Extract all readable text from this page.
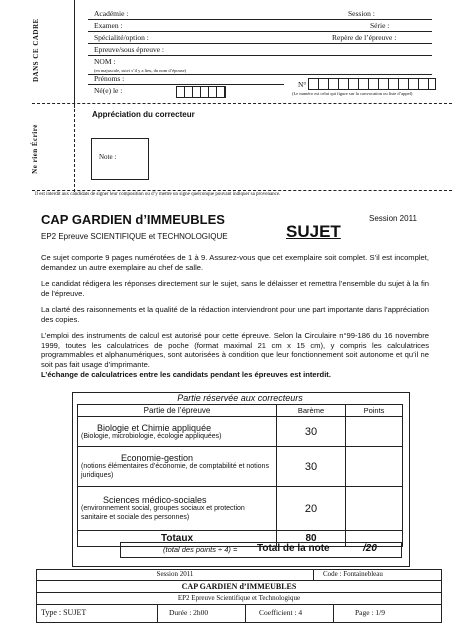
DANS CE CADRE
Académie :	Session :
Examen :	Série :
Spécialité/option :	Repère de l’épreuve :
Epreuve/sous épreuve :
NOM :
(en majuscule, suivi s’il y a lieu, du nom d’épouse)
Prénoms :
N°
Né(e) le :	(Le numéro est celui qui figure sur la convocation ou liste d’appel)
Ne rien Écrire
Appréciation du correcteur
Note :
Il est interdit aux candidats de signer leur composition ou d’y mettre un signe quelconque pouvant indiquer sa provenance.
CAP GARDIEN d’IMMEUBLES	Session 2011
EP2 Epreuve SCIENTIFIQUE et TECHNOLOGIQUE	SUJET
Ce sujet comporte 9 pages numérotées de 1 à 9. Assurez-vous que cet exemplaire soit complet. S’il est incomplet, demandez un autre exemplaire au chef de salle.
Le candidat rédigera les réponses directement sur le sujet, sans le délaisser et remettra l’ensemble du sujet à la fin de l’épreuve.
La clarté des raisonnements et la qualité de la rédaction interviendront pour une part importante dans l’appréciation des copies.
L’emploi des instruments de calcul est autorisé pour cette épreuve. Selon la Circulaire n°99-186 du 16 novembre 1999, toutes les calculatrices de poche (format maximal 21 cm x 15 cm), y compris les calculatrices programmables et alphanumériques, sont autorisées à condition que leur fonctionnement soit autonome et qu’il ne soit pas fait usage d’imprimante.
L’échange de calculatrices entre les candidats pendant les épreuves est interdit.
Partie réservée aux correcteurs
Partie de l’épreuve	Barème	Points

Biologie et Chimie appliquée
(Biologie, microbiologie, écologie appliquées)	30	

Economie-gestion
(notions élémentaires d’économie, de comptabilité et notions juridiques)	30	

Sciences médico-sociales
(environnement social, groupes sociaux et protection sanitaire et sociale des personnes)	20	
Totaux	80	
(total des points ÷ 4) = Total de la note	/20
Session 2011	Code : Fontainebleau
CAP GARDIEN d’IMMEUBLES
EP2 Epreuve Scientifique et Technologique
Type : SUJET	Durée : 2h00	Coefficient : 4	Page : 1/9
